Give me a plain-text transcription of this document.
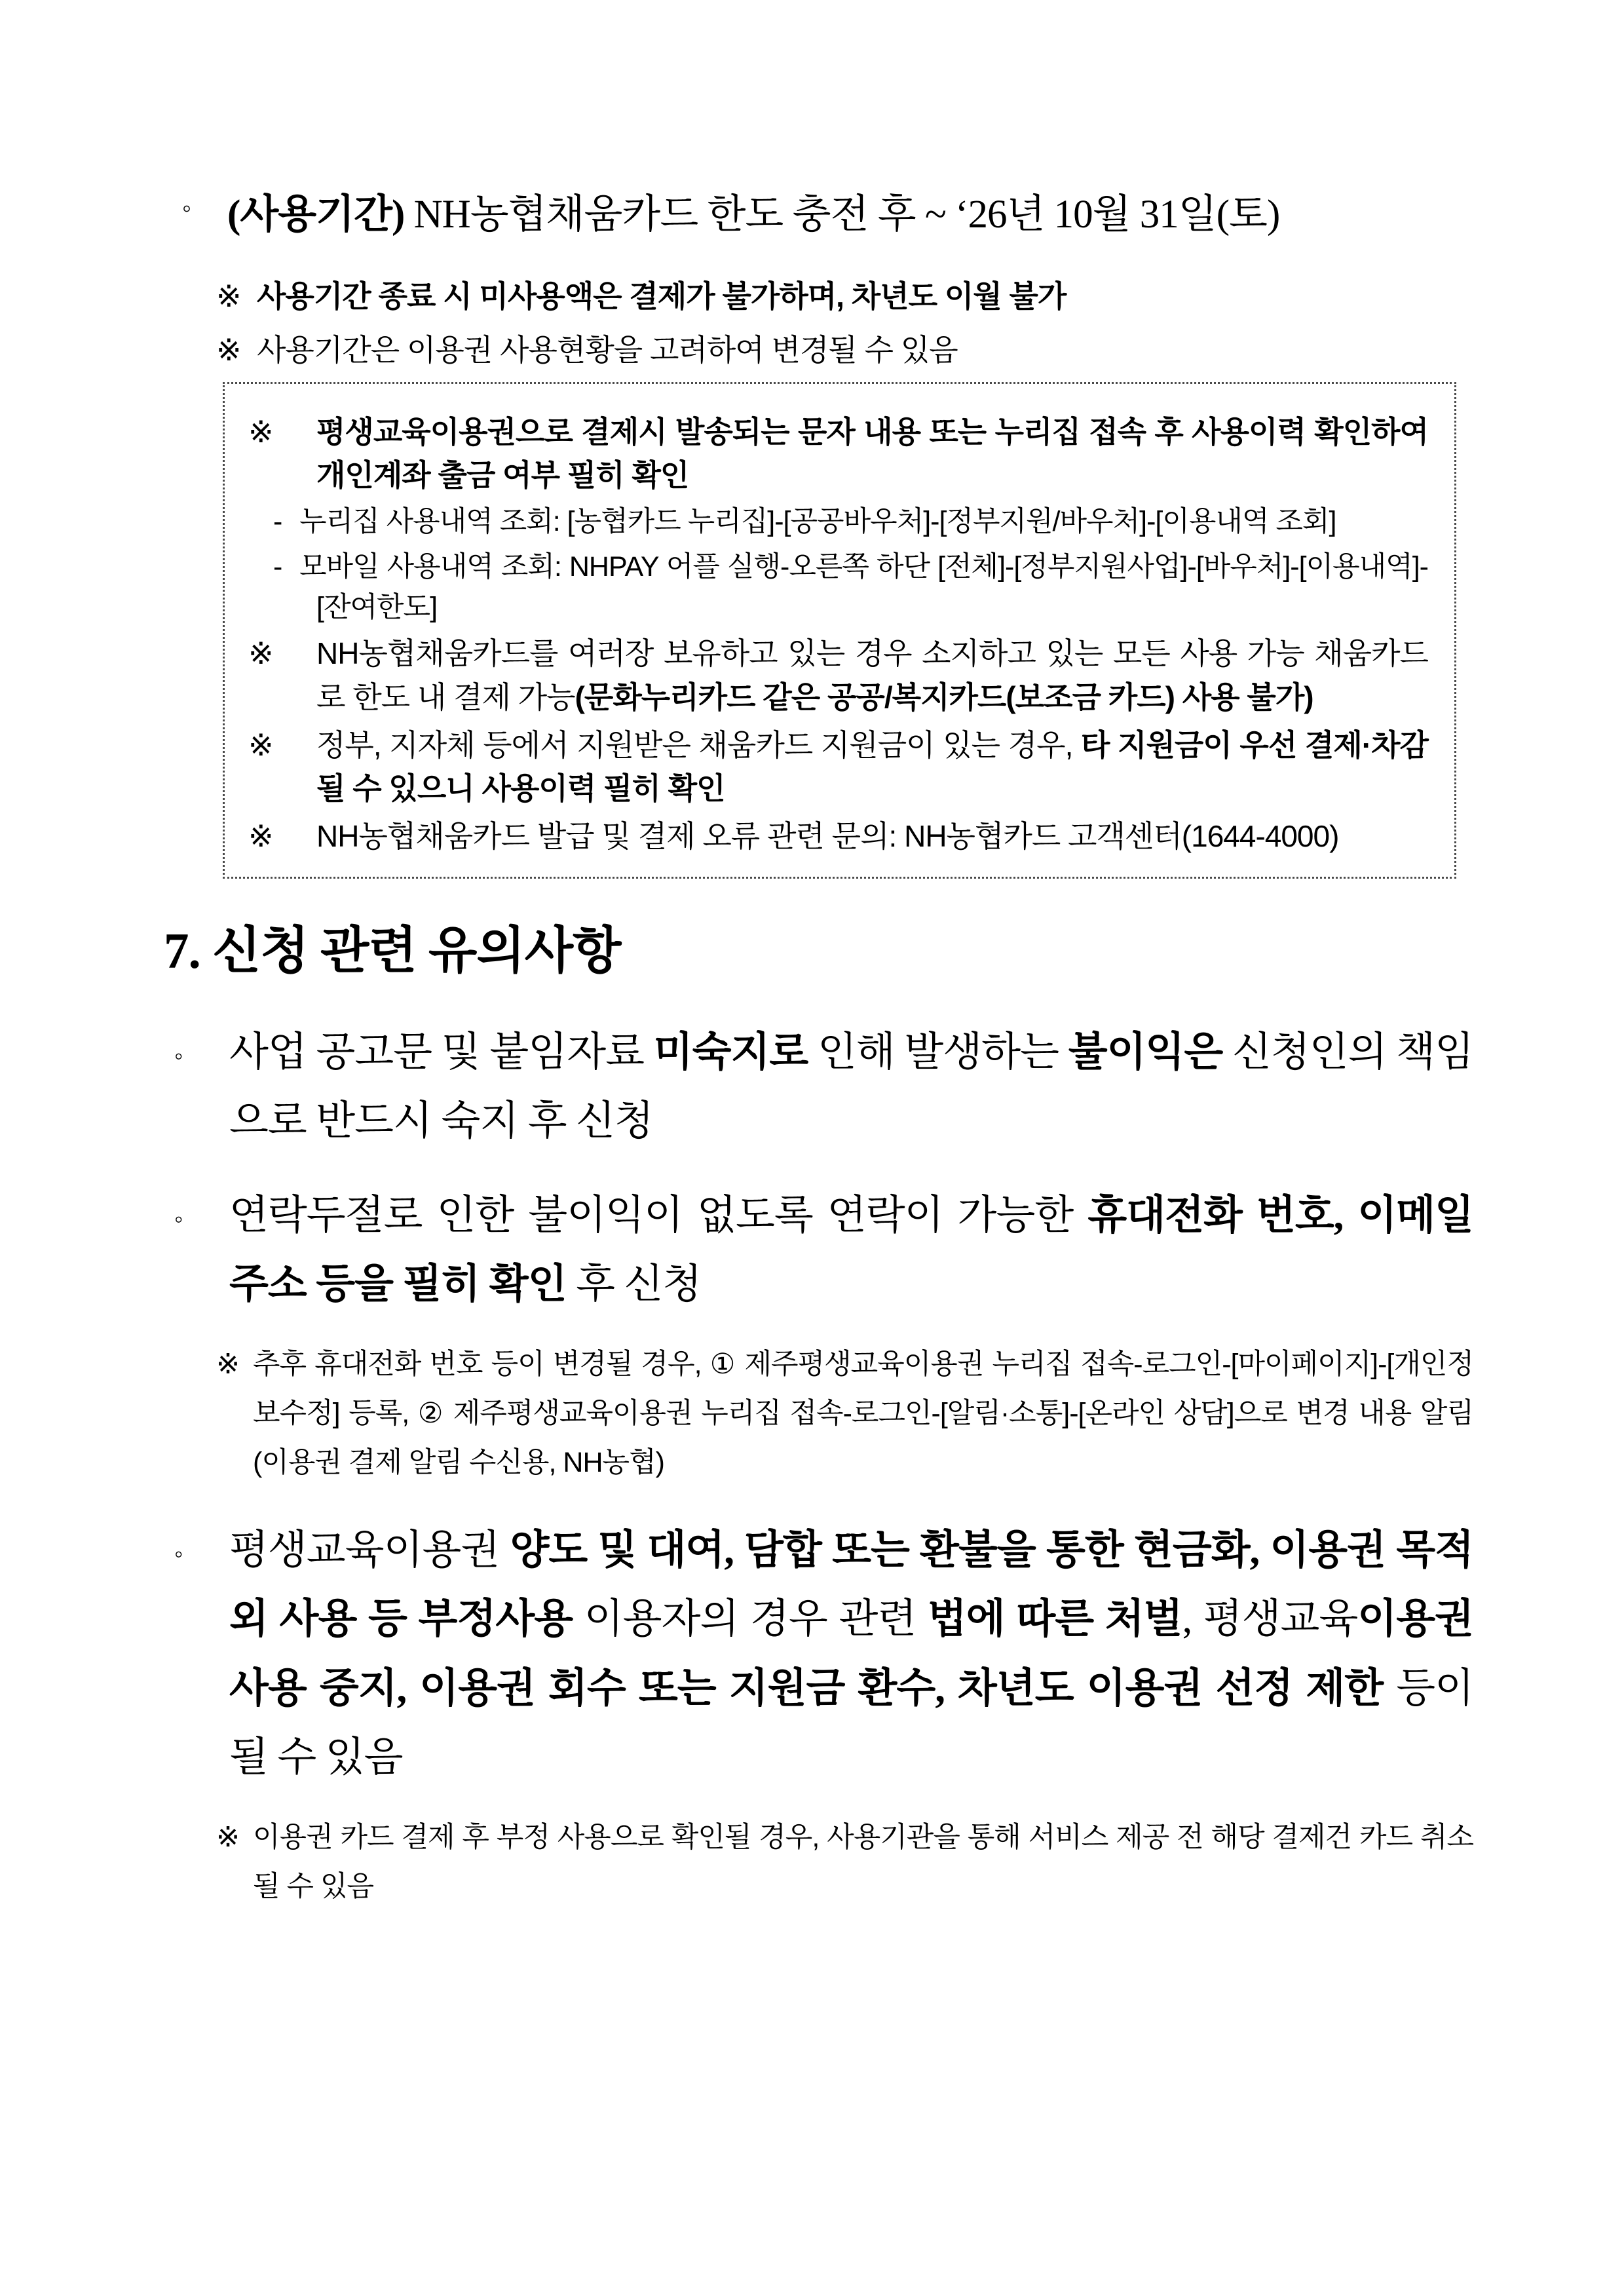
◦ (사용기간) NH농협채움카드 한도 충전 후 ~ ‘26년 10월 31일(토)

※ 사용기간 종료 시 미사용액은 결제가 불가하며, 차년도 이월 불가

※ 사용기간은 이용권 사용현황을 고려하여 변경될 수 있음

※ 평생교육이용권으로 결제시 발송되는 문자 내용 또는 누리집 접속 후 사용이력 확인하여 개인계좌 출금 여부 필히 확인

- 누리집 사용내역 조회: [농협카드 누리집]-[공공바우처]-[정부지원/바우처]-[이용내역 조회]

- 모바일 사용내역 조회: NHPAY 어플 실행-오른쪽 하단 [전체]-[정부지원사업]-[바우처]-[이용내역]-[잔여한도]

※ NH농협채움카드를 여러장 보유하고 있는 경우 소지하고 있는 모든 사용 가능 채움카드로 한도 내 결제 가능(문화누리카드 같은 공공/복지카드(보조금 카드) 사용 불가)

※ 정부, 지자체 등에서 지원받은 채움카드 지원금이 있는 경우, 타 지원금이 우선 결제·차감될 수 있으니 사용이력 필히 확인

※ NH농협채움카드 발급 및 결제 오류 관련 문의: NH농협카드 고객센터(1644-4000)

7. 신청 관련 유의사항

◦ 사업 공고문 및 붙임자료 미숙지로 인해 발생하는 불이익은 신청인의 책임으로 반드시 숙지 후 신청

◦ 연락두절로 인한 불이익이 없도록 연락이 가능한 휴대전화 번호, 이메일 주소 등을 필히 확인 후 신청

※ 추후 휴대전화 번호 등이 변경될 경우, ① 제주평생교육이용권 누리집 접속-로그인-[마이페이지]-[개인정보수정] 등록, ② 제주평생교육이용권 누리집 접속-로그인-[알림·소통]-[온라인 상담]으로 변경 내용 알림(이용권 결제 알림 수신용, NH농협)

◦ 평생교육이용권 양도 및 대여, 담합 또는 환불을 통한 현금화, 이용권 목적외 사용 등 부정사용 이용자의 경우 관련 법에 따른 처벌, 평생교육이용권 사용 중지, 이용권 회수 또는 지원금 환수, 차년도 이용권 선정 제한 등이 될 수 있음

※ 이용권 카드 결제 후 부정 사용으로 확인될 경우, 사용기관을 통해 서비스 제공 전 해당 결제건 카드 취소될 수 있음
